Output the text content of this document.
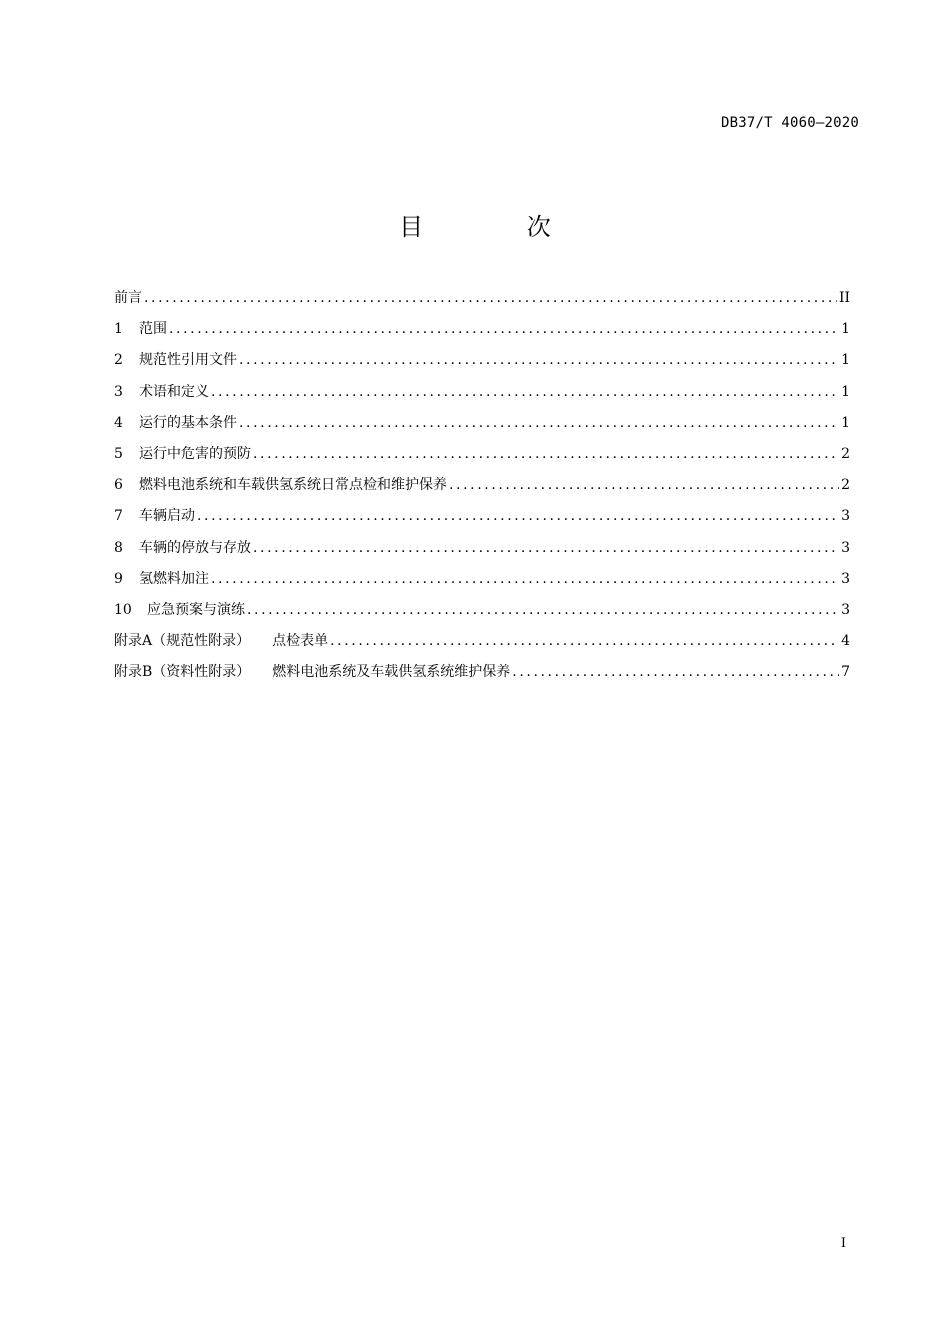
DB37/T 4060—2020
目 次
前言 .....	II
1	范围 .....	1
2	规范性引用文件 .....	1
3	术语和定义 .....	1
4	运行的基本条件 .....	1
5	运行中危害的预防 .....	2
6	燃料电池系统和车载供氢系统日常点检和维护保养 .....	2
7	车辆启动 .....	3
8	车辆的停放与存放 .....	3
9	氢燃料加注 .....	3
10 应急预案与演练 .....	3
附录A（规范性附录） 点检表单 .....	4
附录B（资料性附录） 燃料电池系统及车载供氢系统维护保养 .....	7
I
